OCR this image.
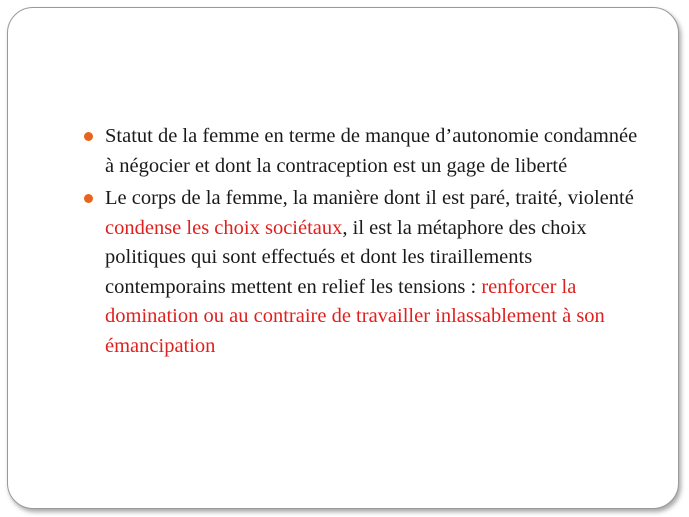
Statut de la femme en terme de manque d’autonomie condamnée à négocier et dont la contraception est un gage de liberté
Le corps de la femme, la manière dont il est paré, traité, violenté condense les choix sociétaux, il est la métaphore des choix politiques qui sont effectués et dont les tiraillements contemporains mettent en relief les tensions : renforcer la domination ou au contraire de travailler inlassablement à son émancipation
